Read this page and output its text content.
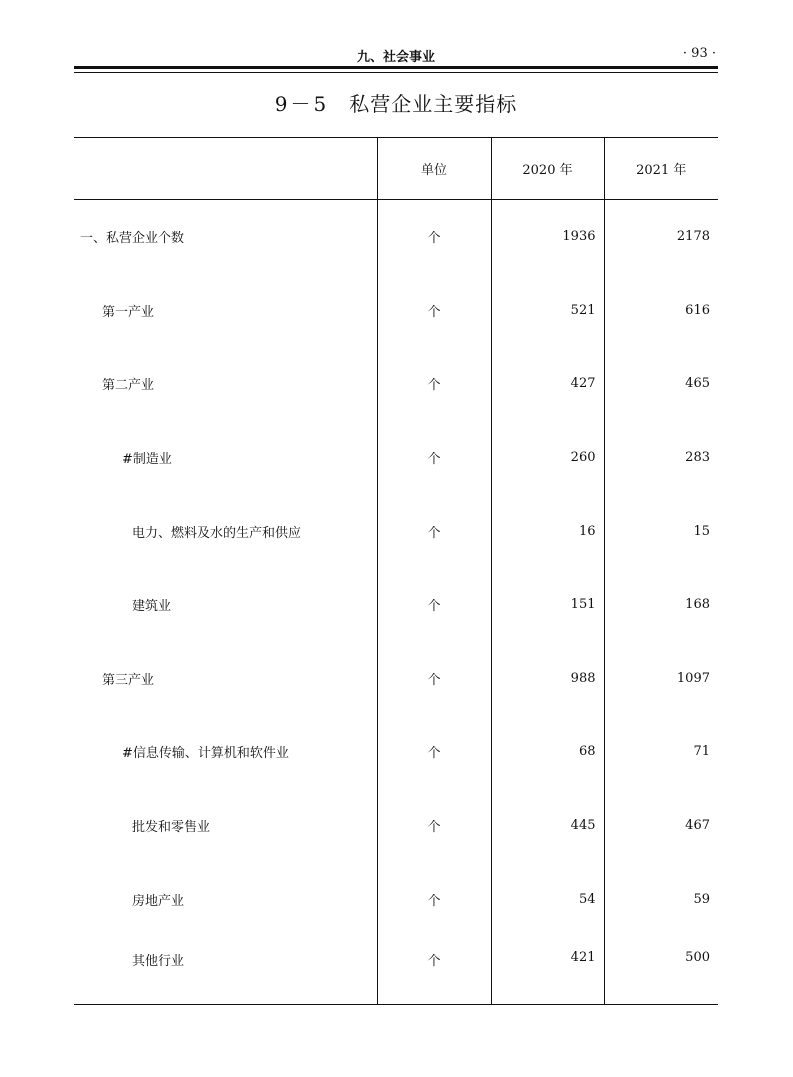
九、社会事业	· 93 ·
9－5 私营企业主要指标
	单位	2020 年	2021 年
一、私营企业个数	个	1936	2178
第一产业	个	521	616
第二产业	个	427	465
#制造业	个	260	283
电力、燃料及水的生产和供应	个	16	15
建筑业	个	151	168
第三产业	个	988	1097
#信息传输、计算机和软件业	个	68	71
批发和零售业	个	445	467
房地产业	个	54	59
其他行业	个	421	500
